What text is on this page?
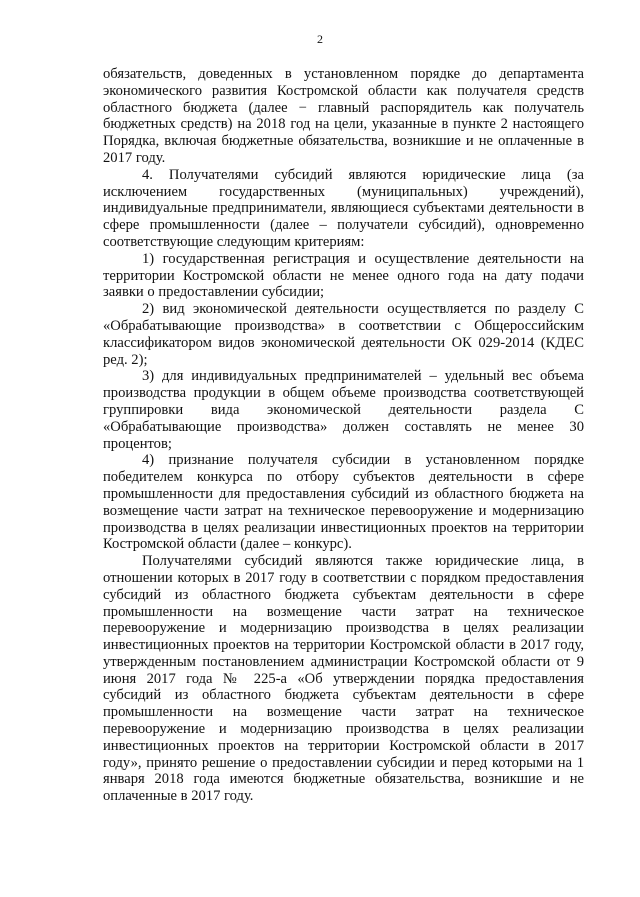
2

обязательств, доведенных в установленном порядке до департамента экономического развития Костромской области как получателя средств областного бюджета (далее − главный распорядитель как получатель бюджетных средств) на 2018 год на цели, указанные в пункте 2 настоящего Порядка, включая бюджетные обязательства, возникшие и не оплаченные в 2017 году.

4. Получателями субсидий являются юридические лица (за исключением государственных (муниципальных) учреждений), индивидуальные предприниматели, являющиеся субъектами деятельности в сфере промышленности (далее – получатели субсидий), одновременно соответствующие следующим критериям:

1) государственная регистрация и осуществление деятельности на территории Костромской области не менее одного года на дату подачи заявки о предоставлении субсидии;

2) вид экономической деятельности осуществляется по разделу С «Обрабатывающие производства» в соответствии с Общероссийским классификатором видов экономической деятельности ОК 029-2014 (КДЕС ред. 2);

3) для индивидуальных предпринимателей – удельный вес объема производства продукции в общем объеме производства соответствующей группировки вида экономической деятельности раздела С «Обрабатывающие производства» должен составлять не менее 30 процентов;

4) признание получателя субсидии в установленном порядке победителем конкурса по отбору субъектов деятельности в сфере промышленности для предоставления субсидий из областного бюджета на возмещение части затрат на техническое перевооружение и модернизацию производства в целях реализации инвестиционных проектов на территории Костромской области (далее – конкурс).

Получателями субсидий являются также юридические лица, в отношении которых в 2017 году в соответствии с порядком предоставления субсидий из областного бюджета субъектам деятельности в сфере промышленности на возмещение части затрат на техническое перевооружение и модернизацию производства в целях реализации инвестиционных проектов на территории Костромской области в 2017 году, утвержденным постановлением администрации Костромской области от 9 июня 2017 года № 225-а «Об утверждении порядка предоставления субсидий из областного бюджета субъектам деятельности в сфере промышленности на возмещение части затрат на техническое перевооружение и модернизацию производства в целях реализации инвестиционных проектов на территории Костромской области в 2017 году», принято решение о предоставлении субсидии и перед которыми на 1 января 2018 года имеются бюджетные обязательства, возникшие и не оплаченные в 2017 году.
